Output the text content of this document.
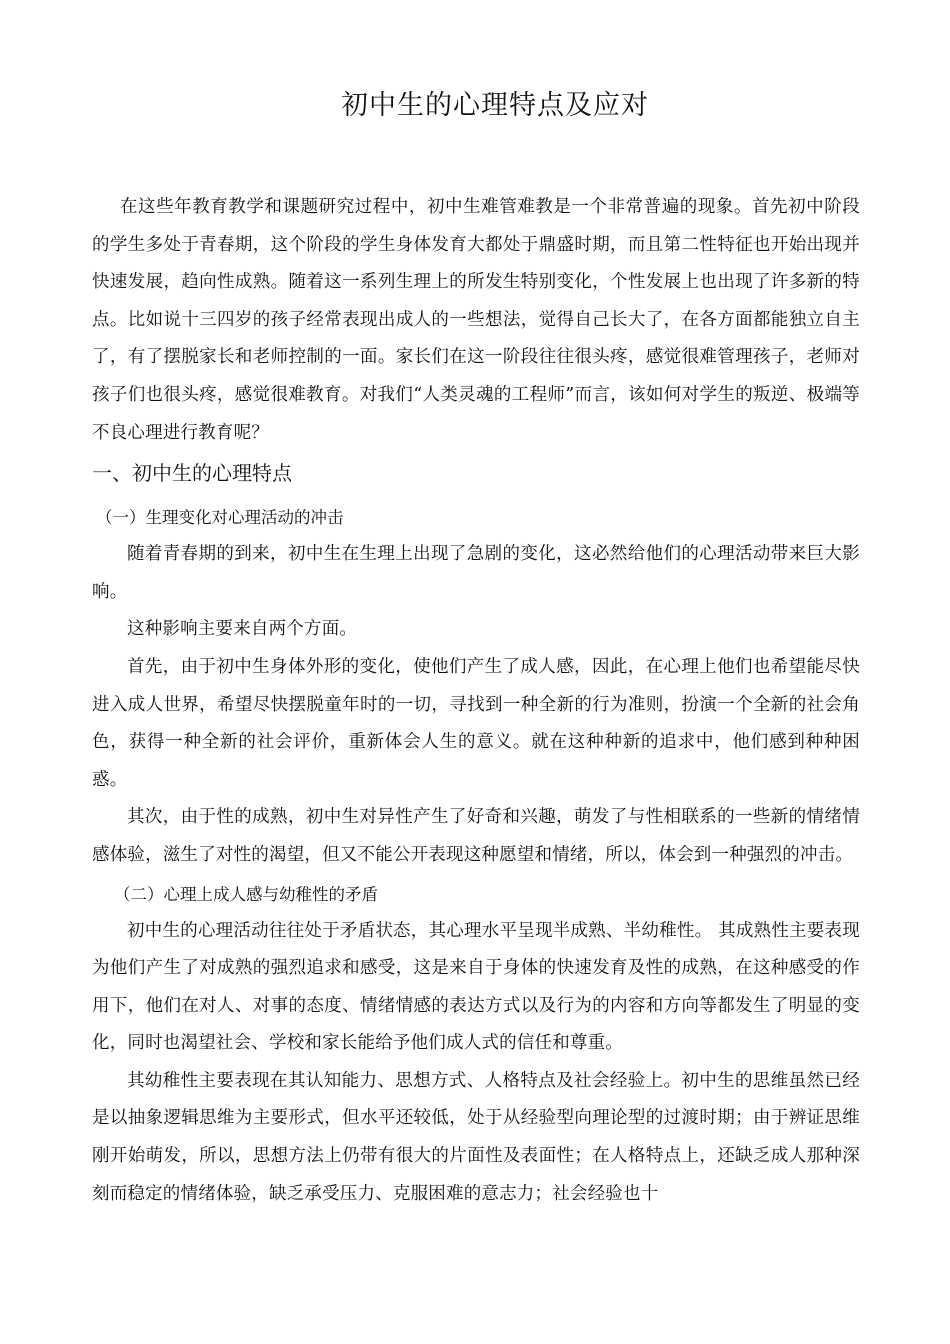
初中生的心理特点及应对

在这些年教育教学和课题研究过程中，初中生难管难教是一个非常普遍的现象。首先初中阶段的学生多处于青春期，这个阶段的学生身体发育大都处于鼎盛时期，而且第二性特征也开始出现并快速发展，趋向性成熟。随着这一系列生理上的所发生特别变化，个性发展上也出现了许多新的特点。比如说十三四岁的孩子经常表现出成人的一些想法，觉得自己长大了，在各方面都能独立自主了，有了摆脱家长和老师控制的一面。家长们在这一阶段往往很头疼，感觉很难管理孩子，老师对孩子们也很头疼，感觉很难教育。对我们“人类灵魂的工程师”而言，该如何对学生的叛逆、极端等不良心理进行教育呢？

一、初中生的心理特点
（一）生理变化对心理活动的冲击

随着青春期的到来，初中生在生理上出现了急剧的变化，这必然给他们的心理活动带来巨大影响。

这种影响主要来自两个方面。

首先，由于初中生身体外形的变化，使他们产生了成人感，因此，在心理上他们也希望能尽快进入成人世界，希望尽快摆脱童年时的一切，寻找到一种全新的行为准则，扮演一个全新的社会角色，获得一种全新的社会评价，重新体会人生的意义。就在这种种新的追求中，他们感到种种困惑。

其次，由于性的成熟，初中生对异性产生了好奇和兴趣，萌发了与性相联系的一些新的情绪情感体验，滋生了对性的渴望，但又不能公开表现这种愿望和情绪，所以，体会到一种强烈的冲击。

（二）心理上成人感与幼稚性的矛盾

初中生的心理活动往往处于矛盾状态，其心理水平呈现半成熟、半幼稚性。 其成熟性主要表现为他们产生了对成熟的强烈追求和感受，这是来自于身体的快速发育及性的成熟，在这种感受的作用下，他们在对人、对事的态度、情绪情感的表达方式以及行为的内容和方向等都发生了明显的变化，同时也渴望社会、学校和家长能给予他们成人式的信任和尊重。

其幼稚性主要表现在其认知能力、思想方式、人格特点及社会经验上。初中生的思维虽然已经是以抽象逻辑思维为主要形式，但水平还较低，处于从经验型向理论型的过渡时期；由于辨证思维刚开始萌发，所以，思想方法上仍带有很大的片面性及表面性；在人格特点上，还缺乏成人那种深刻而稳定的情绪体验，缺乏承受压力、克服困难的意志力；社会经验也十
